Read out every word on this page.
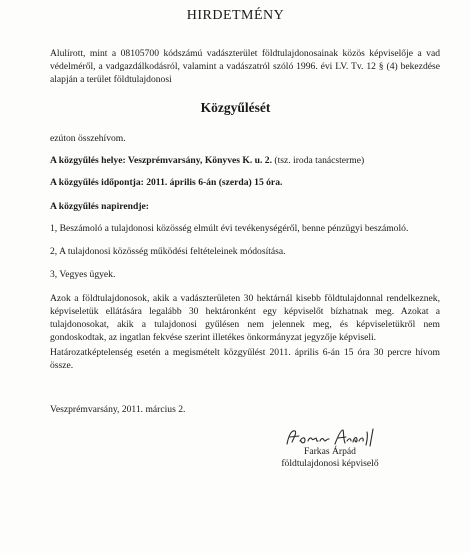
HIRDETMÉNY
Alulírott, mint a 08105700 kódszámú vadászterület földtulajdonosainak közös képviselője a vad védelméről, a vadgazdálkodásról, valamint a vadászatról szóló 1996. évi LV. Tv. 12 § (4) bekezdése alapján a terület földtulajdonosi
Közgyűlését
ezúton összehívom.
A közgyűlés helye: Veszprémvarsány, Könyves K. u. 2. (tsz. iroda tanácsterme)
A közgyűlés időpontja: 2011. április 6-án (szerda) 15 óra.
A közgyűlés napirendje:
1, Beszámoló a tulajdonosi közösség elmúlt évi tevékenységéről, benne pénzügyi beszámoló.
2, A tulajdonosi közösség működési feltételeinek módosítása.
3, Vegyes ügyek.
Azok a földtulajdonosok, akik a vadászterületen 30 hektárnál kisebb földtulajdonnal rendelkeznek, képviseletük ellátására legalább 30 hektáronként egy képviselőt bízhatnak meg. Azokat a tulajdonosokat, akik a tulajdonosi gyűlésen nem jelennek meg, és képviseletükről nem gondoskodtak, az ingatlan fekvése szerint illetékes önkormányzat jegyzője képviseli.
Határozatképtelenség esetén a megismételt közgyűlést 2011. április 6-án 15 óra 30 percre hívom össze.
Veszprémvarsány, 2011. március 2.
Farkas Árpád
földtulajdonosi képviselő
